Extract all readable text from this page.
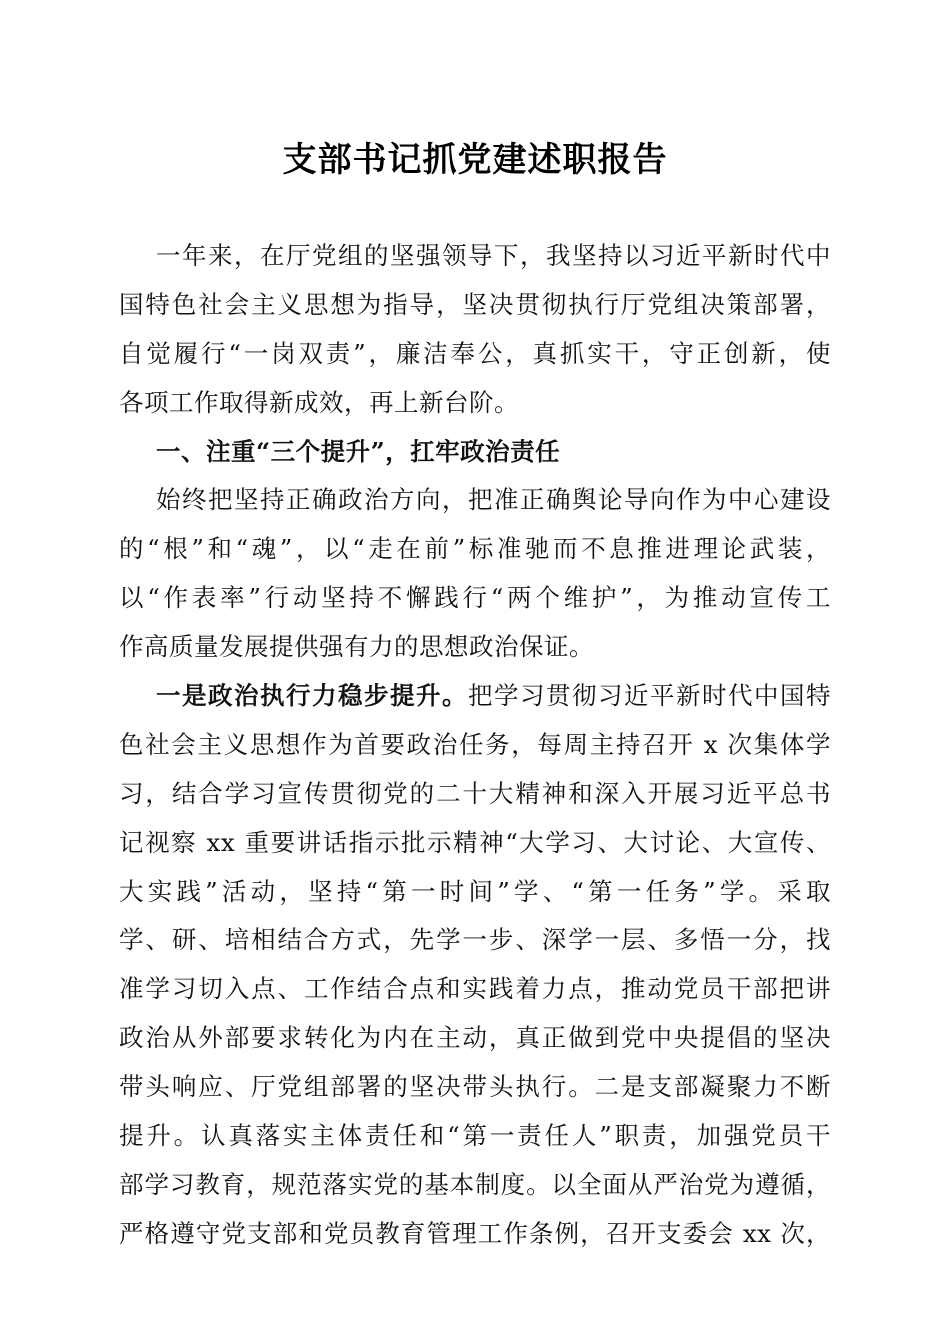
支部书记抓党建述职报告
一年来，在厅党组的坚强领导下，我坚持以习近平新时代中
国特色社会主义思想为指导，坚决贯彻执行厅党组决策部署，
自觉履行“一岗双责”，廉洁奉公，真抓实干，守正创新，使
各项工作取得新成效，再上新台阶。
一、注重“三个提升”，扛牢政治责任
始终把坚持正确政治方向，把准正确舆论导向作为中心建设
的“根”和“魂”，以“走在前”标准驰而不息推进理论武装，
以“作表率”行动坚持不懈践行“两个维护”，为推动宣传工
作高质量发展提供强有力的思想政治保证。
一是政治执行力稳步提升。把学习贯彻习近平新时代中国特
色社会主义思想作为首要政治任务，每周主持召开 x 次集体学
习，结合学习宣传贯彻党的二十大精神和深入开展习近平总书
记视察 xx 重要讲话指示批示精神“大学习、大讨论、大宣传、
大实践”活动，坚持“第一时间”学、“第一任务”学。采取
学、研、培相结合方式，先学一步、深学一层、多悟一分，找
准学习切入点、工作结合点和实践着力点，推动党员干部把讲
政治从外部要求转化为内在主动，真正做到党中央提倡的坚决
带头响应、厅党组部署的坚决带头执行。二是支部凝聚力不断
提升。认真落实主体责任和“第一责任人”职责，加强党员干
部学习教育，规范落实党的基本制度。以全面从严治党为遵循，
严格遵守党支部和党员教育管理工作条例，召开支委会 xx 次，
